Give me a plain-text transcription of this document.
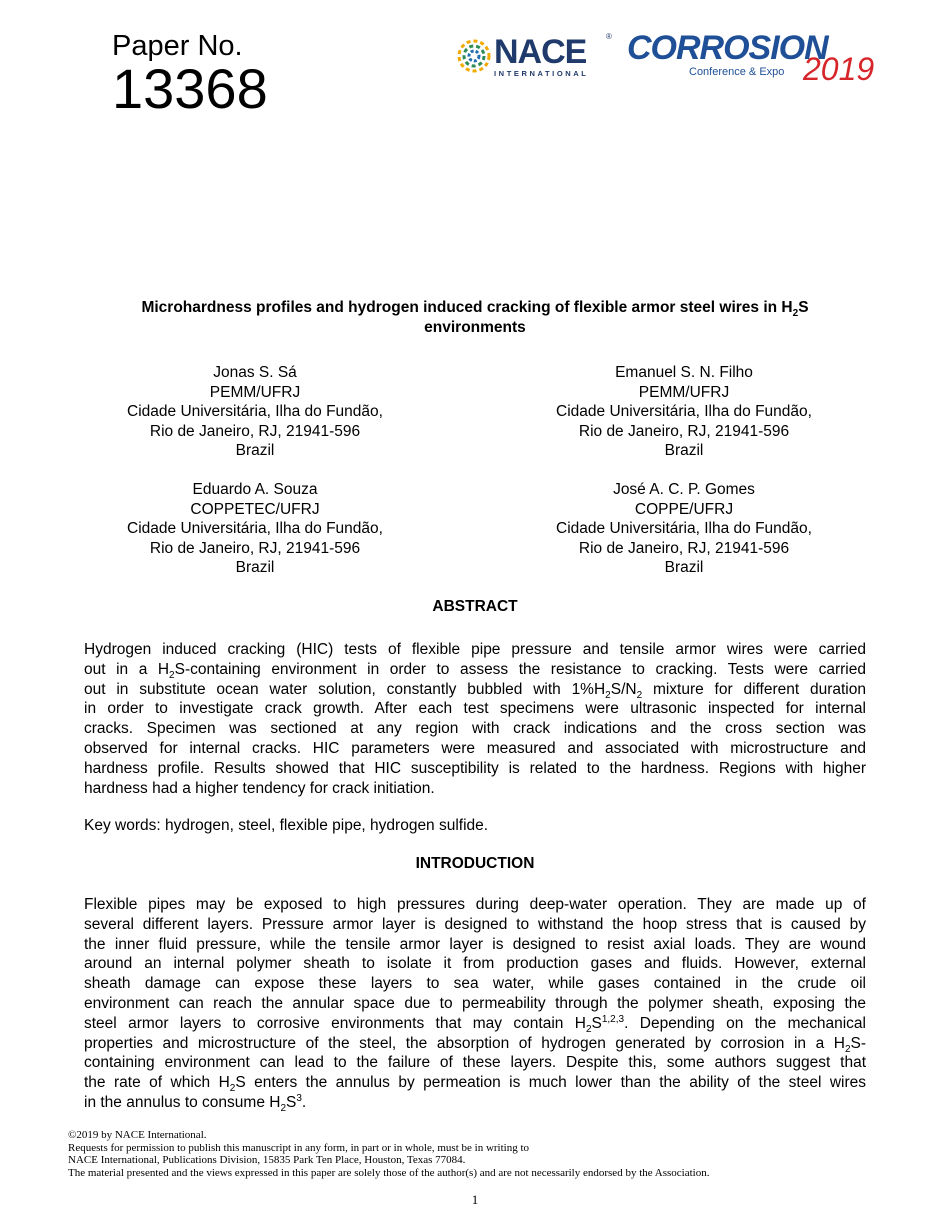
Paper No.
13368
NACE ®
INTERNATIONAL
CORROSION
Conference & Expo 2019
Microhardness profiles and hydrogen induced cracking of flexible armor steel wires in $H_2S$
environments
Jonas S. Sá
PEMM/UFRJ
Cidade Universitária, Ilha do Fundão,
Rio de Janeiro, RJ, 21941-596
Brazil
Emanuel S. N. Filho
PEMM/UFRJ
Cidade Universitária, Ilha do Fundão,
Rio de Janeiro, RJ, 21941-596
Brazil
Eduardo A. Souza
COPPETEC/UFRJ
Cidade Universitária, Ilha do Fundão,
Rio de Janeiro, RJ, 21941-596
Brazil
José A. C. P. Gomes
COPPE/UFRJ
Cidade Universitária, Ilha do Fundão,
Rio de Janeiro, RJ, 21941-596
Brazil
ABSTRACT
Hydrogen induced cracking (HIC) tests of flexible pipe pressure and tensile armor wires were carried
out in a $H_2S$-containing environment in order to assess the resistance to cracking. Tests were carried
out in substitute ocean water solution, constantly bubbled with $1\%H_2S/N_2$ mixture for different duration
in order to investigate crack growth. After each test specimens were ultrasonic inspected for internal
cracks. Specimen was sectioned at any region with crack indications and the cross section was
observed for internal cracks. HIC parameters were measured and associated with microstructure and
hardness profile. Results showed that HIC susceptibility is related to the hardness. Regions with higher
hardness had a higher tendency for crack initiation.
Key words: hydrogen, steel, flexible pipe, hydrogen sulfide.
INTRODUCTION
Flexible pipes may be exposed to high pressures during deep-water operation. They are made up of
several different layers. Pressure armor layer is designed to withstand the hoop stress that is caused by
the inner fluid pressure, while the tensile armor layer is designed to resist axial loads. They are wound
around an internal polymer sheath to isolate it from production gases and fluids. However, external
sheath damage can expose these layers to sea water, while gases contained in the crude oil
environment can reach the annular space due to permeability through the polymer sheath, exposing the
steel armor layers to corrosive environments that may contain $H_2S^{1,2,3}$. Depending on the mechanical
properties and microstructure of the steel, the absorption of hydrogen generated by corrosion in a $H_2S-$
containing environment can lead to the failure of these layers. Despite this, some authors suggest that
the rate of which $H_2S$ enters the annulus by permeation is much lower than the ability of the steel wires
in the annulus to consume $H_2S^3$.
©2019 by NACE International.
Requests for permission to publish this manuscript in any form, in part or in whole, must be in writing to
NACE International, Publications Division, 15835 Park Ten Place, Houston, Texas 77084.
The material presented and the views expressed in this paper are solely those of the author(s) and are not necessarily endorsed by the Association.
1
